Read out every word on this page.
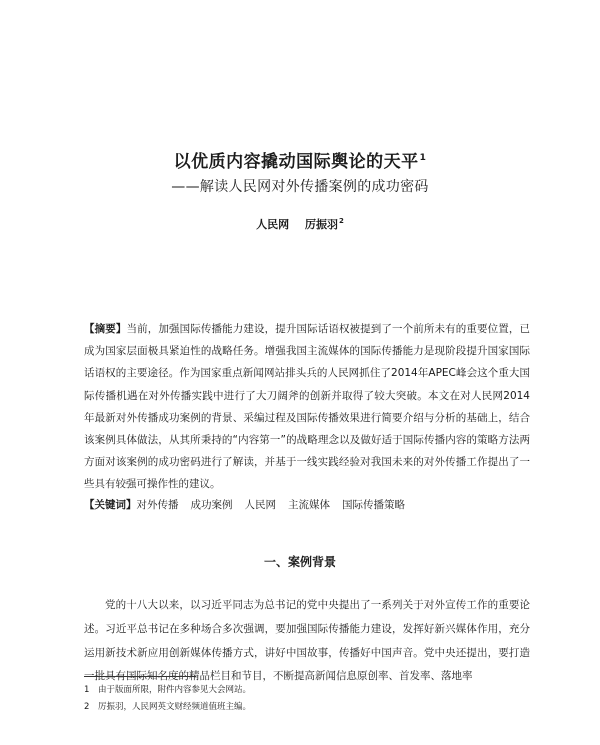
以优质内容撬动国际舆论的天平$^1$
——解读人民网对外传播案例的成功密码
人民网 厉振羽$^2$
【摘要】当前，加强国际传播能力建设，提升国际话语权被提到了一个前所未有的重要位置，已成为国家层面极具紧迫性的战略任务。增强我国主流媒体的国际传播能力是现阶段提升国家国际话语权的主要途径。作为国家重点新闻网站排头兵的人民网抓住了2014年APEC峰会这个重大国际传播机遇在对外传播实践中进行了大刀阔斧的创新并取得了较大突破。本文在对人民网2014年最新对外传播成功案例的背景、采编过程及国际传播效果进行简要介绍与分析的基础上，结合该案例具体做法，从其所秉持的“内容第一”的战略理念以及做好适于国际传播内容的策略方法两方面对该案例的成功密码进行了解读，并基于一线实践经验对我国未来的对外传播工作提出了一些具有较强可操作性的建议。
【关键词】对外传播 成功案例 人民网 主流媒体 国际传播策略
一、案例背景
党的十八大以来，以习近平同志为总书记的党中央提出了一系列关于对外宣传工作的重要论述。习近平总书记在多种场合多次强调，要加强国际传播能力建设，发挥好新兴媒体作用，充分运用新技术新应用创新媒体传播方式，讲好中国故事，传播好中国声音。党中央还提出，要打造一批具有国际知名度的精品栏目和节目，不断提高新闻信息原创率、首发率、落地率
1 由于版面所限，附件内容参见大会网站。
2 厉振羽，人民网英文财经频道值班主编。
